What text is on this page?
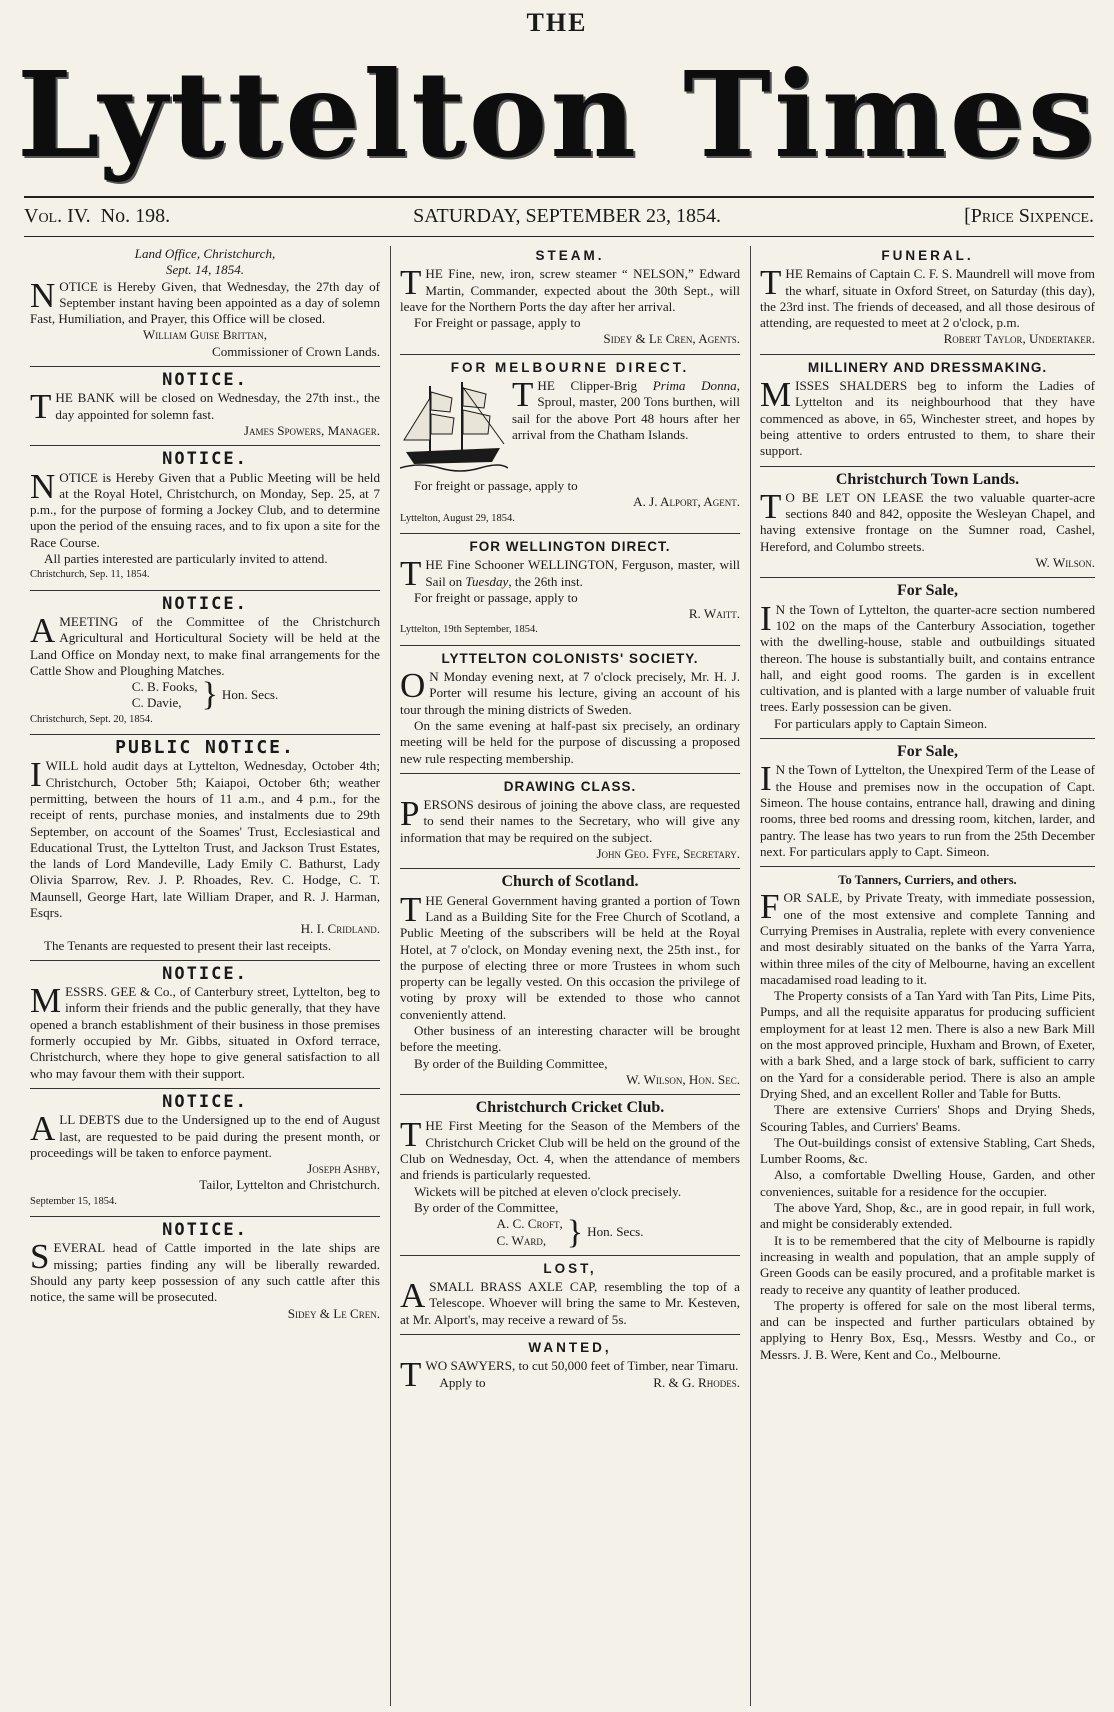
THE
Lyttelton Times
Vol. IV. No. 198.	SATURDAY, SEPTEMBER 23, 1854.	[Price Sixpence.

Land Office, Christchurch,

Sept. 14, 1854.

NOTICE is Hereby Given, that Wednesday, the 27th day of September instant having been appointed as a day of solemn Fast, Humiliation, and Prayer, this Office will be closed.

William Guise Brittan,

Commissioner of Crown Lands.

NOTICE.

THE BANK will be closed on Wednesday, the 27th inst., the day appointed for solemn fast.

James Spowers, Manager.

NOTICE.

NOTICE is Hereby Given that a Public Meeting will be held at the Royal Hotel, Christchurch, on Monday, Sep. 25, at 7 p.m., for the purpose of forming a Jockey Club, and to determine upon the period of the ensuing races, and to fix upon a site for the Race Course.

All parties interested are particularly invited to attend.

Christchurch, Sep. 11, 1854.

NOTICE.

AMEETING of the Committee of the Christchurch Agricultural and Horticultural Society will be held at the Land Office on Monday next, to make final arrangements for the Cattle Show and Ploughing Matches.

C. B. Fooks,

C. Davie, } Hon. Secs.

Christchurch, Sept. 20, 1854.

PUBLIC NOTICE.

IWILL hold audit days at Lyttelton, Wednesday, October 4th; Christchurch, October 5th; Kaiapoi, October 6th; weather permitting, between the hours of 11 a.m., and 4 p.m., for the receipt of rents, purchase monies, and instalments due to 29th September, on account of the Soames' Trust, Ecclesiastical and Educational Trust, the Lyttelton Trust, and Jackson Trust Estates, the lands of Lord Mandeville, Lady Emily C. Bathurst, Lady Olivia Sparrow, Rev. J. P. Rhoades, Rev. C. Hodge, C. T. Maunsell, George Hart, late William Draper, and R. J. Harman, Esqrs.

H. I. Cridland.

The Tenants are requested to present their last receipts.

NOTICE.

MESSRS. GEE & Co., of Canterbury street, Lyttelton, beg to inform their friends and the public generally, that they have opened a branch establishment of their business in those premises formerly occupied by Mr. Gibbs, situated in Oxford terrace, Christchurch, where they hope to give general satisfaction to all who may favour them with their support.

NOTICE.

ALL DEBTS due to the Undersigned up to the end of August last, are requested to be paid during the present month, or proceedings will be taken to enforce payment.

Joseph Ashby,

Tailor, Lyttelton and Christchurch.

September 15, 1854.

NOTICE.

SEVERAL head of Cattle imported in the late ships are missing; parties finding any will be liberally rewarded. Should any party keep possession of any such cattle after this notice, the same will be prosecuted.

Sidey & Le Cren.

STEAM.

THE Fine, new, iron, screw steamer “ NELSON,” Edward Martin, Commander, expected about the 30th Sept., will leave for the Northern Ports the day after her arrival.

For Freight or passage, apply to

Sidey & Le Cren, Agents.

FOR MELBOURNE DIRECT.

THE Clipper-Brig Prima Donna, Sproul, master, 200 Tons burthen, will sail for the above Port 48 hours after her arrival from the Chatham Islands.

For freight or passage, apply to

A. J. Alport, Agent.

Lyttelton, August 29, 1854.

FOR WELLINGTON DIRECT.

THE Fine Schooner WELLINGTON, Ferguson, master, will Sail on Tuesday, the 26th inst.

For freight or passage, apply to

R. Waitt.

Lyttelton, 19th September, 1854.

LYTTELTON COLONISTS' SOCIETY.

O N Monday evening next, at 7 o'clock precisely, Mr. H. J. Porter will resume his lecture, giving an account of his tour through the mining districts of Sweden.

On the same evening at half-past six precisely, an ordinary meeting will be held for the purpose of discussing a proposed new rule respecting membership.

DRAWING CLASS.

PERSONS desirous of joining the above class, are requested to send their names to the Secretary, who will give any information that may be required on the subject.

John Geo. Fyfe, Secretary.

Church of Scotland.

THE General Government having granted a portion of Town Land as a Building Site for the Free Church of Scotland, a Public Meeting of the subscribers will be held at the Royal Hotel, at 7 o'clock, on Monday evening next, the 25th inst., for the purpose of electing three or more Trustees in whom such property can be legally vested. On this occasion the privilege of voting by proxy will be extended to those who cannot conveniently attend.

Other business of an interesting character will be brought before the meeting.

By order of the Building Committee,

W. Wilson, Hon. Sec.

Christchurch Cricket Club.

THE First Meeting for the Season of the Members of the Christchurch Cricket Club will be held on the ground of the Club on Wednesday, Oct. 4, when the attendance of members and friends is particularly requested.

Wickets will be pitched at eleven o'clock precisely.

By order of the Committee,

A. C. Croft,

C. Ward, } Hon. Secs.
LOST,

ASMALL BRASS AXLE CAP, resembling the top of a Telescope. Whoever will bring the same to Mr. Kesteven, at Mr. Alport's, may receive a reward of 5s.

WANTED,

TWO SAWYERS, to cut 50,000 feet of Timber, near Timaru.

Apply to	R. & G. Rhodes.

FUNERAL.

THE Remains of Captain C. F. S. Maundrell will move from the wharf, situate in Oxford Street, on Saturday (this day), the 23rd inst. The friends of deceased, and all those desirous of attending, are requested to meet at 2 o'clock, p.m.

Robert Taylor, Undertaker.

MILLINERY AND DRESSMAKING.

MISSES SHALDERS beg to inform the Ladies of Lyttelton and its neighbourhood that they have commenced as above, in 65, Winchester street, and hopes by being attentive to orders entrusted to them, to share their support.

Christchurch Town Lands.

T O BE LET ON LEASE the two valuable quarter-acre sections 840 and 842, opposite the Wesleyan Chapel, and having extensive frontage on the Sumner road, Cashel, Hereford, and Columbo streets.

W. Wilson.

For Sale,

I N the Town of Lyttelton, the quarter-acre section numbered 102 on the maps of the Canterbury Association, together with the dwelling-house, stable and outbuildings situated thereon. The house is substantially built, and contains entrance hall, and eight good rooms. The garden is in excellent cultivation, and is planted with a large number of valuable fruit trees. Early possession can be given.

For particulars apply to Captain Simeon.

For Sale,

I N the Town of Lyttelton, the Unexpired Term of the Lease of the House and premises now in the occupation of Capt. Simeon. The house contains, entrance hall, drawing and dining rooms, three bed rooms and dressing room, kitchen, larder, and pantry. The lease has two years to run from the 25th December next. For particulars apply to Capt. Simeon.

To Tanners, Curriers, and others.

FOR SALE, by Private Treaty, with immediate possession, one of the most extensive and complete Tanning and Currying Premises in Australia, replete with every convenience and most desirably situated on the banks of the Yarra Yarra, within three miles of the city of Melbourne, having an excellent macadamised road leading to it.

The Property consists of a Tan Yard with Tan Pits, Lime Pits, Pumps, and all the requisite apparatus for producing sufficient employment for at least 12 men. There is also a new Bark Mill on the most approved principle, Huxham and Brown, of Exeter, with a bark Shed, and a large stock of bark, sufficient to carry on the Yard for a considerable period. There is also an ample Drying Shed, and an excellent Roller and Table for Butts.

There are extensive Curriers' Shops and Drying Sheds, Scouring Tables, and Curriers' Beams.

The Out-buildings consist of extensive Stabling, Cart Sheds, Lumber Rooms, &c.

Also, a comfortable Dwelling House, Garden, and other conveniences, suitable for a residence for the occupier.

The above Yard, Shop, &c., are in good repair, in full work, and might be considerably extended.

It is to be remembered that the city of Melbourne is rapidly increasing in wealth and population, that an ample supply of Green Goods can be easily procured, and a profitable market is ready to receive any quantity of leather produced.

The property is offered for sale on the most liberal terms, and can be inspected and further particulars obtained by applying to Henry Box, Esq., Messrs. Westby and Co., or Messrs. J. B. Were, Kent and Co., Melbourne.
